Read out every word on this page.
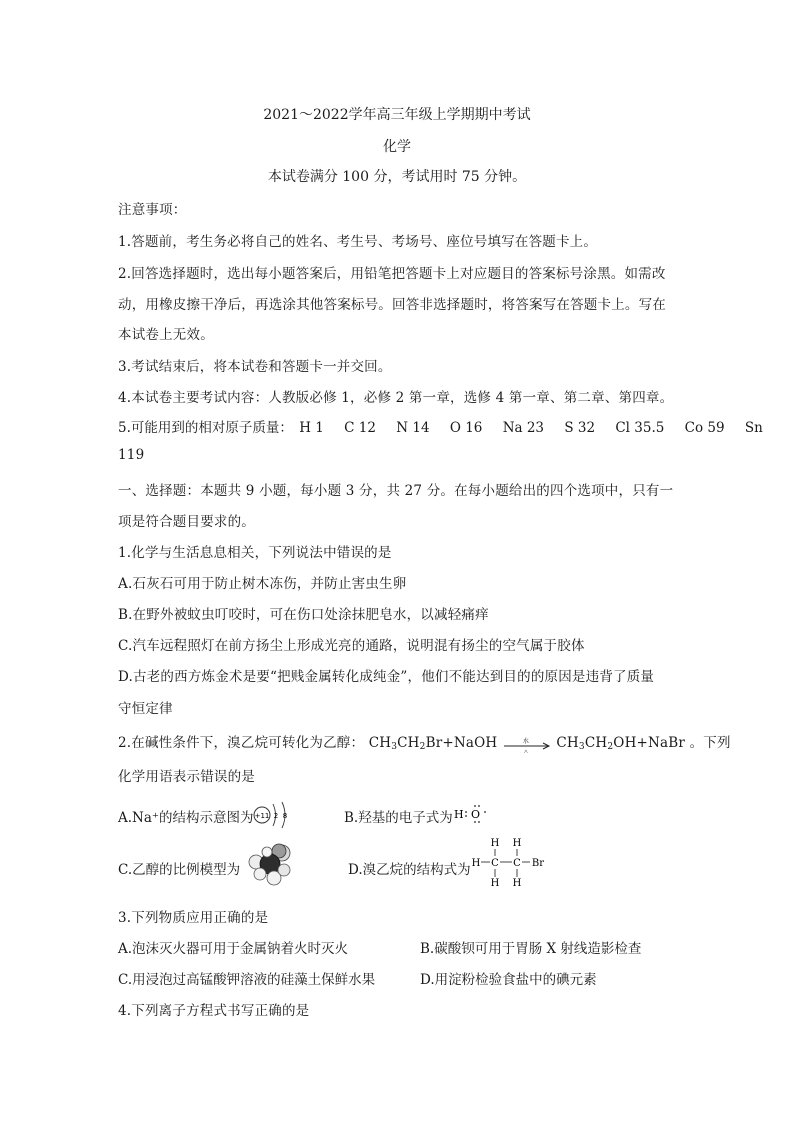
2021～2022学年高三年级上学期期中考试
化学
本试卷满分 100 分，考试用时 75 分钟。
注意事项：
1.答题前，考生务必将自己的姓名、考生号、考场号、座位号填写在答题卡上。
2.回答选择题时，选出每小题答案后，用铅笔把答题卡上对应题目的答案标号涂黑。如需改
动，用橡皮擦干净后，再选涂其他答案标号。回答非选择题时，将答案写在答题卡上。写在
本试卷上无效。
3.考试结束后，将本试卷和答题卡一并交回。
4.本试卷主要考试内容：人教版必修 1，必修 2 第一章，选修 4 第一章、第二章、第四章。
5.可能用到的相对原子质量： H 1 C 12 N 14 O 16 Na 23 S 32 Cl 35.5 Co 59 Sn
119
一、选择题：本题共 9 小题，每小题 3 分，共 27 分。在每小题给出的四个选项中，只有一
项是符合题目要求的。
1.化学与生活息息相关，下列说法中错误的是
A.石灰石可用于防止树木冻伤，并防止害虫生卵
B.在野外被蚊虫叮咬时，可在伤口处涂抹肥皂水，以减轻痛痒
C.汽车远程照灯在前方扬尘上形成光亮的通路，说明混有扬尘的空气属于胶体
D.古老的西方炼金术是要“把贱金属转化成纯金”，他们不能达到目的的原因是违背了质量
守恒定律
2.在碱性条件下，溴乙烷可转化为乙醇： $CH_3CH_2Br+NaOH$	水
△
$CH_3CH_2OH+NaBr$ 。下列
化学用语表示错误的是
A.Na⁺的结构示意图为 +11 2 8	B.羟基的电子式为 H O
C.乙醇的比例模型为	D.溴乙烷的结构式为
H H
H C C Br
H H
3.下列物质应用正确的是
A.泡沫灭火器可用于金属钠着火时灭火	B.碳酸钡可用于胃肠 X 射线造影检查
C.用浸泡过高锰酸钾溶液的硅藻土保鲜水果	D.用淀粉检验食盐中的碘元素
4.下列离子方程式书写正确的是
